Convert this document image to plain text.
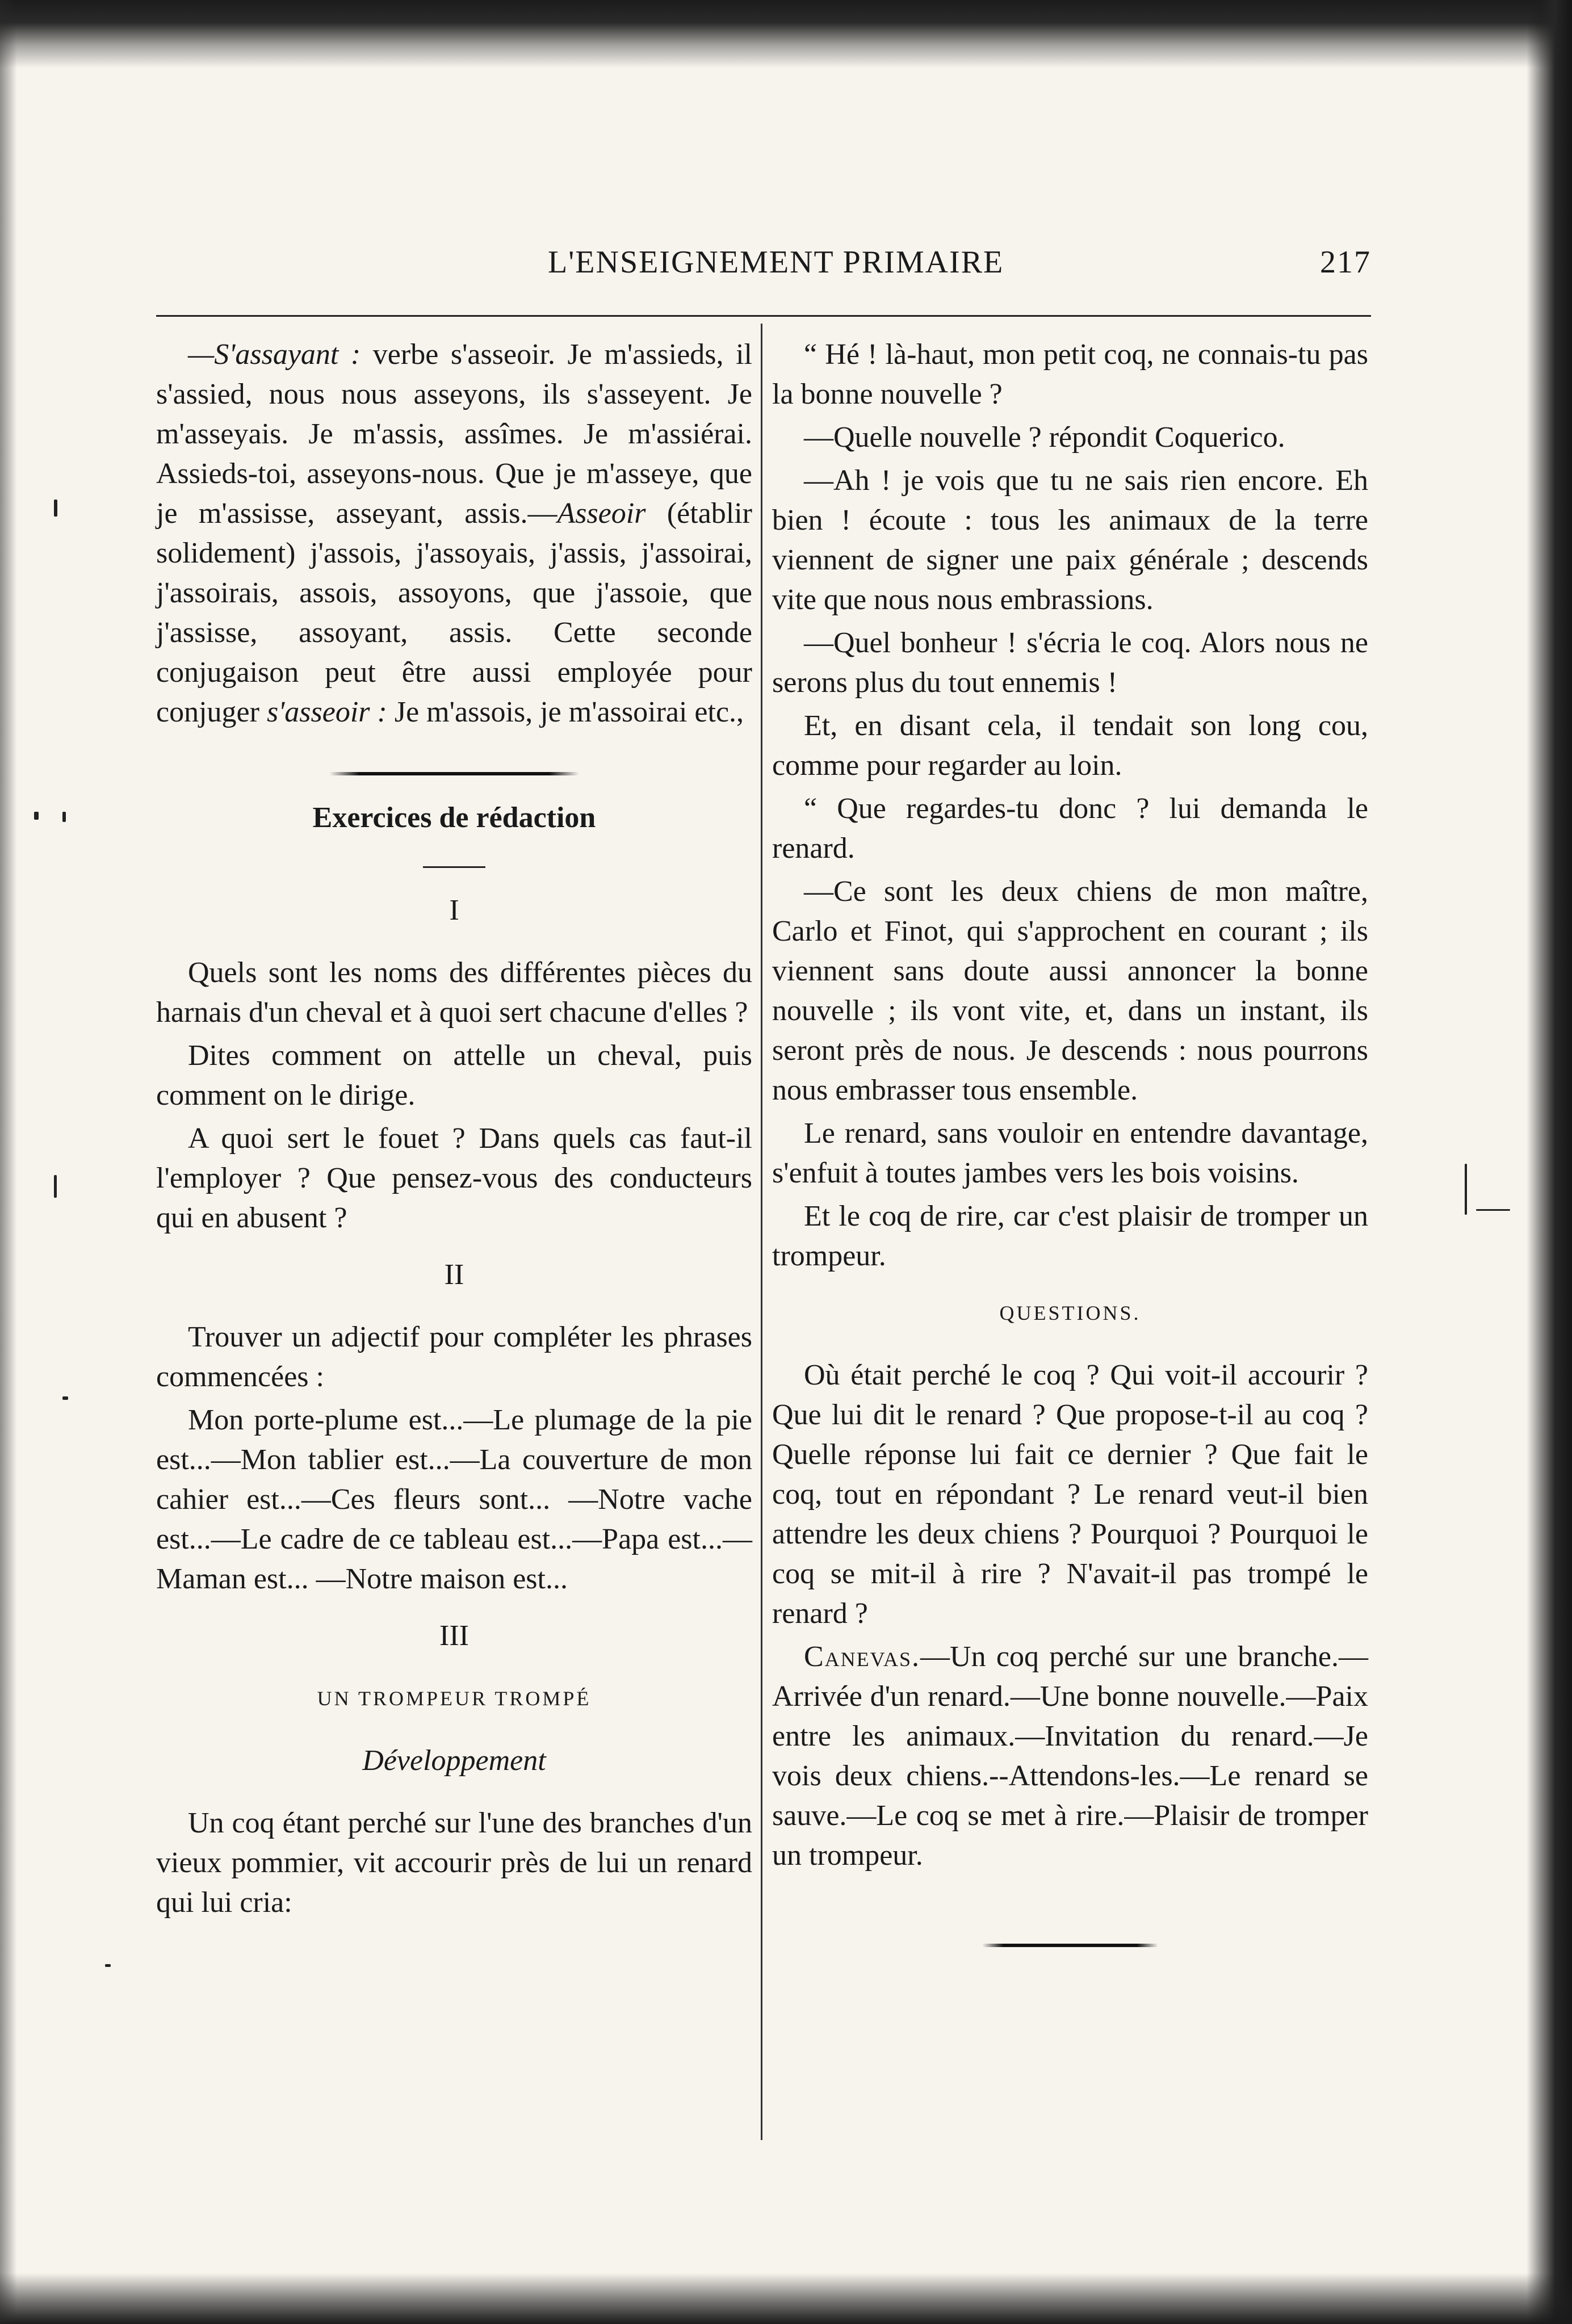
L'ENSEIGNEMENT PRIMAIRE	217

—S'assayant : verbe s'asseoir. Je m'assieds, il s'assied, nous nous asseyons, ils s'asseyent. Je m'asseyais. Je m'assis, assîmes. Je m'assiérai. Assieds-toi, asseyons-nous. Que je m'asseye, que je m'assisse, asseyant, assis.—Asseoir (établir solidement) j'assois, j'assoyais, j'assis, j'assoirai, j'assoirais, assois, assoyons, que j'assoie, que j'assisse, assoyant, assis. Cette seconde conjugaison peut être aussi employée pour conjuger s'asseoir : Je m'assois, je m'assoirai etc.,

Exercices de rédaction

I

Quels sont les noms des différentes pièces du harnais d'un cheval et à quoi sert chacune d'elles ?

Dites comment on attelle un cheval, puis comment on le dirige.

A quoi sert le fouet ? Dans quels cas faut-il l'employer ? Que pensez-vous des conducteurs qui en abusent ?

II

Trouver un adjectif pour compléter les phrases commencées :

Mon porte-plume est...—Le plumage de la pie est...—Mon tablier est...—La couverture de mon cahier est...—Ces fleurs sont... —Notre vache est...—Le cadre de ce tableau est...—Papa est...—Maman est... —Notre maison est...

III

UN TROMPEUR TROMPÉ

Développement

Un coq étant perché sur l'une des branches d'un vieux pommier, vit accourir près de lui un renard qui lui cria:

“ Hé ! là-haut, mon petit coq, ne connais-tu pas la bonne nouvelle ?

—Quelle nouvelle ? répondit Coquerico.

—Ah ! je vois que tu ne sais rien encore. Eh bien ! écoute : tous les animaux de la terre viennent de signer une paix générale ; descends vite que nous nous embrassions.

—Quel bonheur ! s'écria le coq. Alors nous ne serons plus du tout ennemis !

Et, en disant cela, il tendait son long cou, comme pour regarder au loin.

“ Que regardes-tu donc ? lui demanda le renard.

—Ce sont les deux chiens de mon maître, Carlo et Finot, qui s'approchent en courant ; ils viennent sans doute aussi annoncer la bonne nouvelle ; ils vont vite, et, dans un instant, ils seront près de nous. Je descends : nous pourrons nous embrasser tous ensemble.

Le renard, sans vouloir en entendre davantage, s'enfuit à toutes jambes vers les bois voisins.

Et le coq de rire, car c'est plaisir de tromper un trompeur.

QUESTIONS.

Où était perché le coq ? Qui voit-il accourir ? Que lui dit le renard ? Que propose-t-il au coq ? Quelle réponse lui fait ce dernier ? Que fait le coq, tout en répondant ? Le renard veut-il bien attendre les deux chiens ? Pourquoi ? Pourquoi le coq se mit-il à rire ? N'avait-il pas trompé le renard ?

Canevas.—Un coq perché sur une branche.—Arrivée d'un renard.—Une bonne nouvelle.—Paix entre les animaux.—Invitation du renard.—Je vois deux chiens.--Attendons-les.—Le renard se sauve.—Le coq se met à rire.—Plaisir de tromper un trompeur.
